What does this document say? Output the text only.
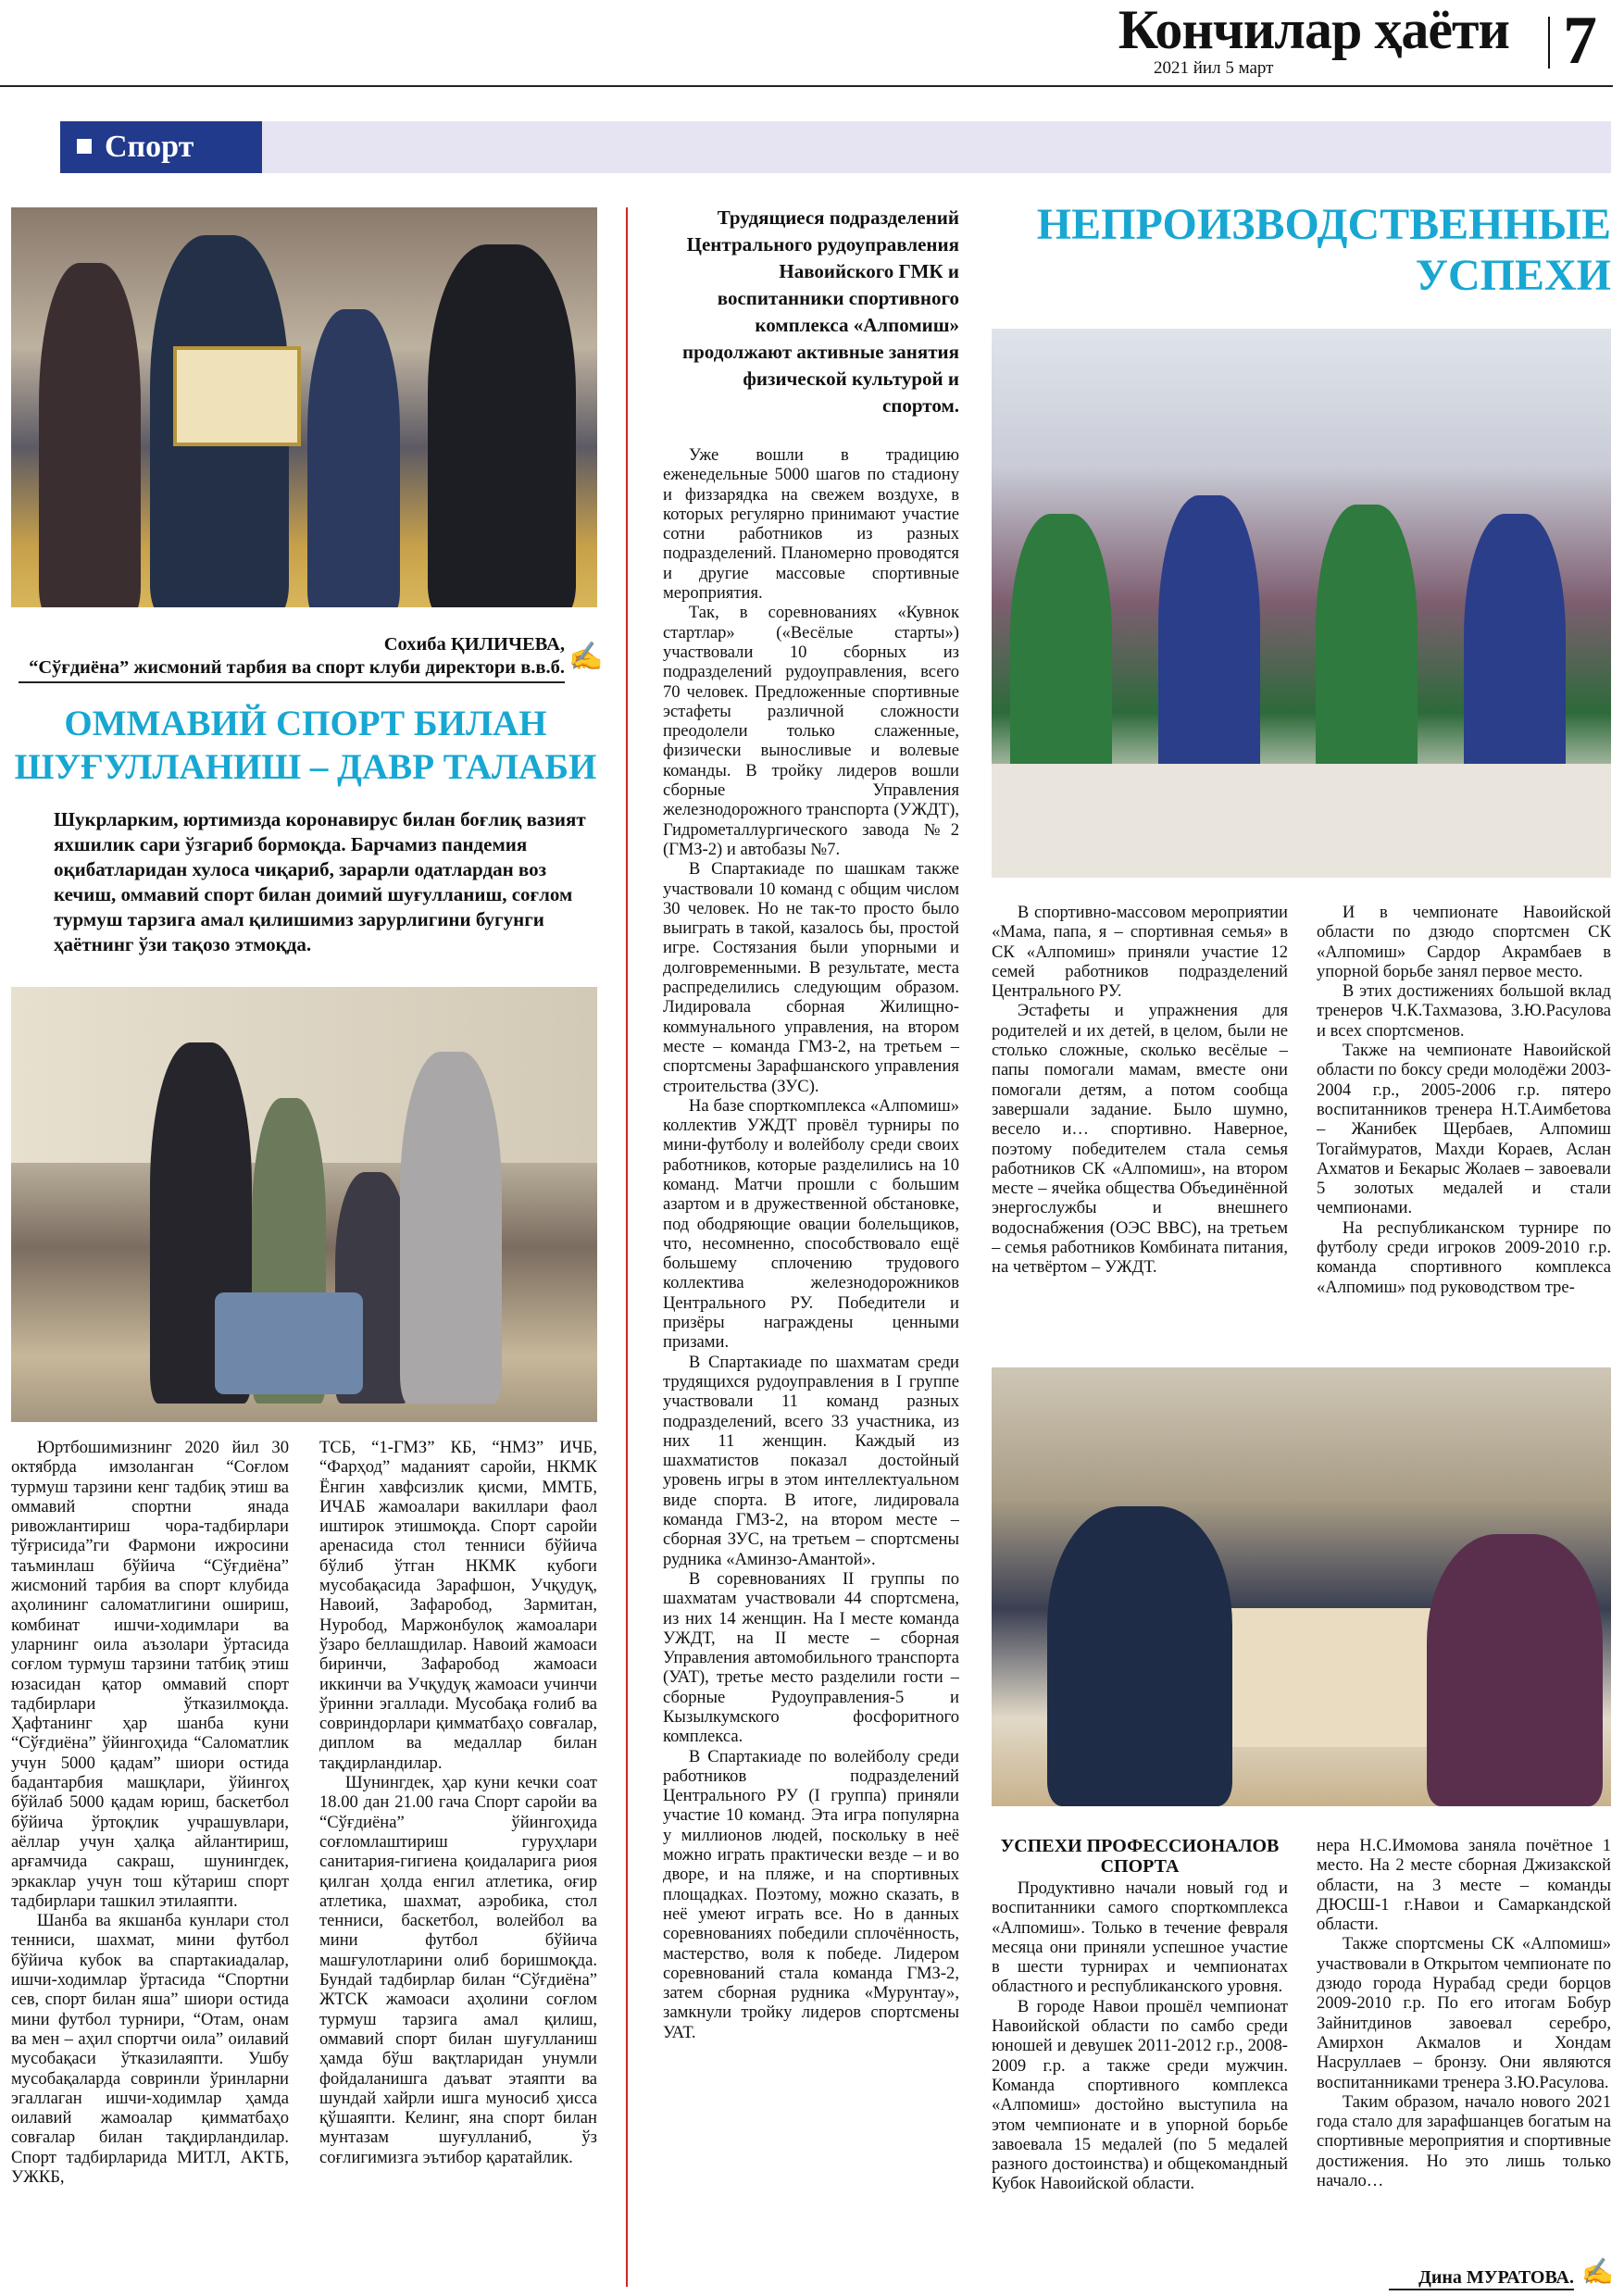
Кончилар ҳаёти
2021 йил 5 март	7
Спорт
Сохиба ҚИЛИЧЕВА,
“Сўғдиёна” жисмоний тарбия ва спорт клуби директори в.в.б. ✍
ОММАВИЙ СПОРТ БИЛАН ШУҒУЛЛАНИШ – ДАВР ТАЛАБИ
Шукрларким, юртимизда коронавирус билан боғлиқ вазият яхшилик сари ўзгариб бормоқда. Барчамиз пандемия оқибатларидан хулоса чиқариб, зарарли одатлардан воз кечиш, оммавий спорт билан доимий шуғулланиш, соғлом турмуш тарзига амал қилишимиз зарурлигини бугунги ҳаётнинг ўзи тақозо этмоқда.

Юртбошимизнинг 2020 йил 30 октябрда имзоланган “Соғлом турмуш тарзини кенг тадбиқ этиш ва оммавий спортни янада ривожлантириш чора-тадбирлари тўғрисида”ги Фармони ижросини таъминлаш бўйича “Сўғдиёна” жисмоний тарбия ва спорт клубида аҳолининг саломатлигини ошириш, комбинат ишчи-ходимлари ва уларнинг оила аъзолари ўртасида соғлом турмуш тарзини татбиқ этиш юзасидан қатор оммавий спорт тадбирлари ўтказилмоқда. Ҳафтанинг ҳар шанба куни “Сўғдиёна” ўйингоҳида “Саломатлик учун 5000 қадам” шиори остида бадантарбия машқлари, ўйингоҳ бўйлаб 5000 қадам юриш, баскетбол бўйича ўртоқлик учрашувлари, аёллар учун ҳалқа айлантириш, арғамчида сакраш, шунингдек, эркаклар учун тош кўтариш спорт тадбирлари ташкил этилаяпти.

Шанба ва якшанба кунлари стол тенниси, шахмат, мини футбол бўйича кубок ва спартакиадалар, ишчи-ходимлар ўртасида “Спортни сев, спорт билан яша” шиори остида мини футбол турнири, “Отам, онам ва мен – аҳил спортчи оила” оилавий мусобақаси ўтказилаяпти. Ушбу мусобақаларда совринли ўринларни эгаллаган ишчи-ходимлар ҳамда оилавий жамоалар қимматбаҳо совғалар билан тақдирландилар. Спорт тадбирларида МИТЛ, АКТБ, УЖКБ,

ТСБ, “1-ГМЗ” КБ, “НМЗ” ИЧБ, “Фарҳод” маданият саройи, НКМК Ёнгин хавфсизлик қисми, ММТБ, ИЧАБ жамоалари вакиллари фаол иштирок этишмоқда. Спорт саройи аренасида стол тенниси бўйича бўлиб ўтган НКМК кубоги мусобақасида Зарафшон, Учқудуқ, Навоий, Зафаробод, Зармитан, Нуробод, Маржонбулоқ жамоалари ўзаро беллашдилар. Навоий жамоаси биринчи, Зафаробод жамоаси иккинчи ва Учқудуқ жамоаси учинчи ўринни эгаллади. Мусобақа ғолиб ва совриндорлари қимматбаҳо совғалар, диплом ва медаллар билан тақдирландилар.

Шунингдек, ҳар куни кечки соат 18.00 дан 21.00 гача Спорт саройи ва “Сўғдиёна” ўйингоҳида соғломлаштириш гуруҳлари санитария-гигиена қоидаларига риоя қилган ҳолда енгил атлетика, оғир атлетика, шахмат, аэробика, стол тенниси, баскетбол, волейбол ва мини футбол бўйича машғулотларини олиб боришмоқда. Бундай тадбирлар билан “Сўғдиёна” ЖТСК жамоаси аҳолини соғлом турмуш тарзига амал қилиш, оммавий спорт билан шуғулланиш ҳамда бўш вақтларидан унумли фойдаланишга даъват этаяпти ва шундай хайрли ишга муносиб ҳисса қўшаяпти. Келинг, яна спорт билан мунтазам шуғулланиб, ўз соғлигимизга эътибор қаратайлик.

Трудящиеся подразделений Центрального рудоуправления Навоийского ГМК и воспитанники спортивного комплекса «Алпомиш» продолжают активные занятия физической культурой и спортом.

Уже вошли в традицию еженедельные 5000 шагов по стадиону и физзарядка на свежем воздухе, в которых регулярно принимают участие сотни работников из разных подразделений. Планомерно проводятся и другие массовые спортивные мероприятия.

Так, в соревнованиях «Кувнок стартлар» («Весёлые старты») участвовали 10 сборных из подразделений рудоуправления, всего 70 человек. Предложенные спортивные эстафеты различной сложности преодолели только слаженные, физически выносливые и волевые команды. В тройку лидеров вошли сборные Управления железнодорожного транспорта (УЖДТ), Гидрометаллургического завода №2 (ГМЗ-2) и автобазы №7.

В Спартакиаде по шашкам также участвовали 10 команд с общим числом 30 человек. Но не так-то просто было выиграть в такой, казалось бы, простой игре. Состязания были упорными и долговременными. В результате, места распределились следующим образом. Лидировала сборная Жилищно-коммунального управления, на втором месте – команда ГМЗ-2, на третьем – спортсмены Зарафшанского управления строительства (ЗУС).

На базе спорткомплекса «Алпомиш» коллектив УЖДТ провёл турниры по мини-футболу и волейболу среди своих работников, которые разделились на 10 команд. Матчи прошли с большим азартом и в дружественной обстановке, под ободряющие овации болельщиков, что, несомненно, способствовало ещё большему сплочению трудового коллектива железнодорожников Центрального РУ. Победители и призёры награждены ценными призами.

В Спартакиаде по шахматам среди трудящихся рудоуправления в I группе участвовали 11 команд разных подразделений, всего 33 участника, из них 11 женщин. Каждый из шахматистов показал достойный уровень игры в этом интеллектуальном виде спорта. В итоге, лидировала команда ГМЗ-2, на втором месте – сборная ЗУС, на третьем – спортсмены рудника «Аминзо-Амантой».

В соревнованиях II группы по шахматам участвовали 44 спортсмена, из них 14 женщин. На I месте команда УЖДТ, на II месте – сборная Управления автомобильного транспорта (УАТ), третье место разделили гости – сборные Рудоуправления-5 и Кызылкумского фосфоритного комплекса.

В Спартакиаде по волейболу среди работников подразделений Центрального РУ (I группа) приняли участие 10 команд. Эта игра популярна у миллионов людей, поскольку в неё можно играть практически везде – и во дворе, и на пляже, и на спортивных площадках. Поэтому, можно сказать, в неё умеют играть все. Но в данных соревнованиях победили сплочённость, мастерство, воля к победе. Лидером соревнований стала команда ГМЗ-2, затем сборная рудника «Мурунтау», замкнули тройку лидеров спортсмены УАТ.

НЕПРОИЗВОДСТВЕННЫЕ УСПЕХИ

В спортивно-массовом мероприятии «Мама, папа, я – спортивная семья» в СК «Алпомиш» приняли участие 12 семей работников подразделений Центрального РУ.

Эстафеты и упражнения для родителей и их детей, в целом, были не столько сложные, сколько весёлые – папы помогали мамам, вместе они помогали детям, а потом сообща завершали задание. Было шумно, весело и… спортивно. Наверное, поэтому победителем стала семья работников СК «Алпомиш», на втором месте – ячейка общества Объединённой энергослужбы и внешнего водоснабжения (ОЭС ВВС), на третьем – семья работников Комбината питания, на четвёртом – УЖДТ.

И в чемпионате Навоийской области по дзюдо спортсмен СК «Алпомиш» Сардор Акрамбаев в упорной борьбе занял первое место.

В этих достижениях большой вклад тренеров Ч.К.Тахмазова, З.Ю.Расулова и всех спортсменов.

Также на чемпионате Навоийской области по боксу среди молодёжи 2003-2004 г.р., 2005-2006 г.р. пятеро воспитанников тренера Н.Т.Аимбетова – Жанибек Щербаев, Алпомиш Тогаймуратов, Махди Кораев, Аслан Ахматов и Бекарыс Жолаев – завоевали 5 золотых медалей и стали чемпионами.

На республиканском турнире по футболу среди игроков 2009-2010 г.р. команда спортивного комплекса «Алпомиш» под руководством тре-

УСПЕХИ ПРОФЕССИОНАЛОВ СПОРТА

Продуктивно начали новый год и воспитанники самого спорткомплекса «Алпомиш». Только в течение февраля месяца они приняли успешное участие в шести турнирах и чемпионатах областного и республиканского уровня.

В городе Навои прошёл чемпионат Навоийской области по самбо среди юношей и девушек 2011-2012 г.р., 2008-2009 г.р. а также среди мужчин. Команда спортивного комплекса «Алпомиш» достойно выступила на этом чемпионате и в упорной борьбе завоевала 15 медалей (по 5 медалей разного достоинства) и общекомандный Кубок Навоийской области.

нера Н.С.Имомова заняла почётное 1 место. На 2 месте сборная Джизакской области, на 3 месте – команды ДЮСШ-1 г.Навои и Самаркандской области.

Также спортсмены СК «Алпомиш» участвовали в Открытом чемпионате по дзюдо города Нурабад среди борцов 2009-2010 г.р. По его итогам Бобур Зайнитдинов завоевал серебро, Амирхон Акмалов и Хондам Насруллаев – бронзу. Они являются воспитанниками тренера З.Ю.Расулова.

Таким образом, начало нового 2021 года стало для зарафшанцев богатым на спортивные мероприятия и спортивные достижения. Но это лишь только начало…

Дина МУРАТОВА. ✍
